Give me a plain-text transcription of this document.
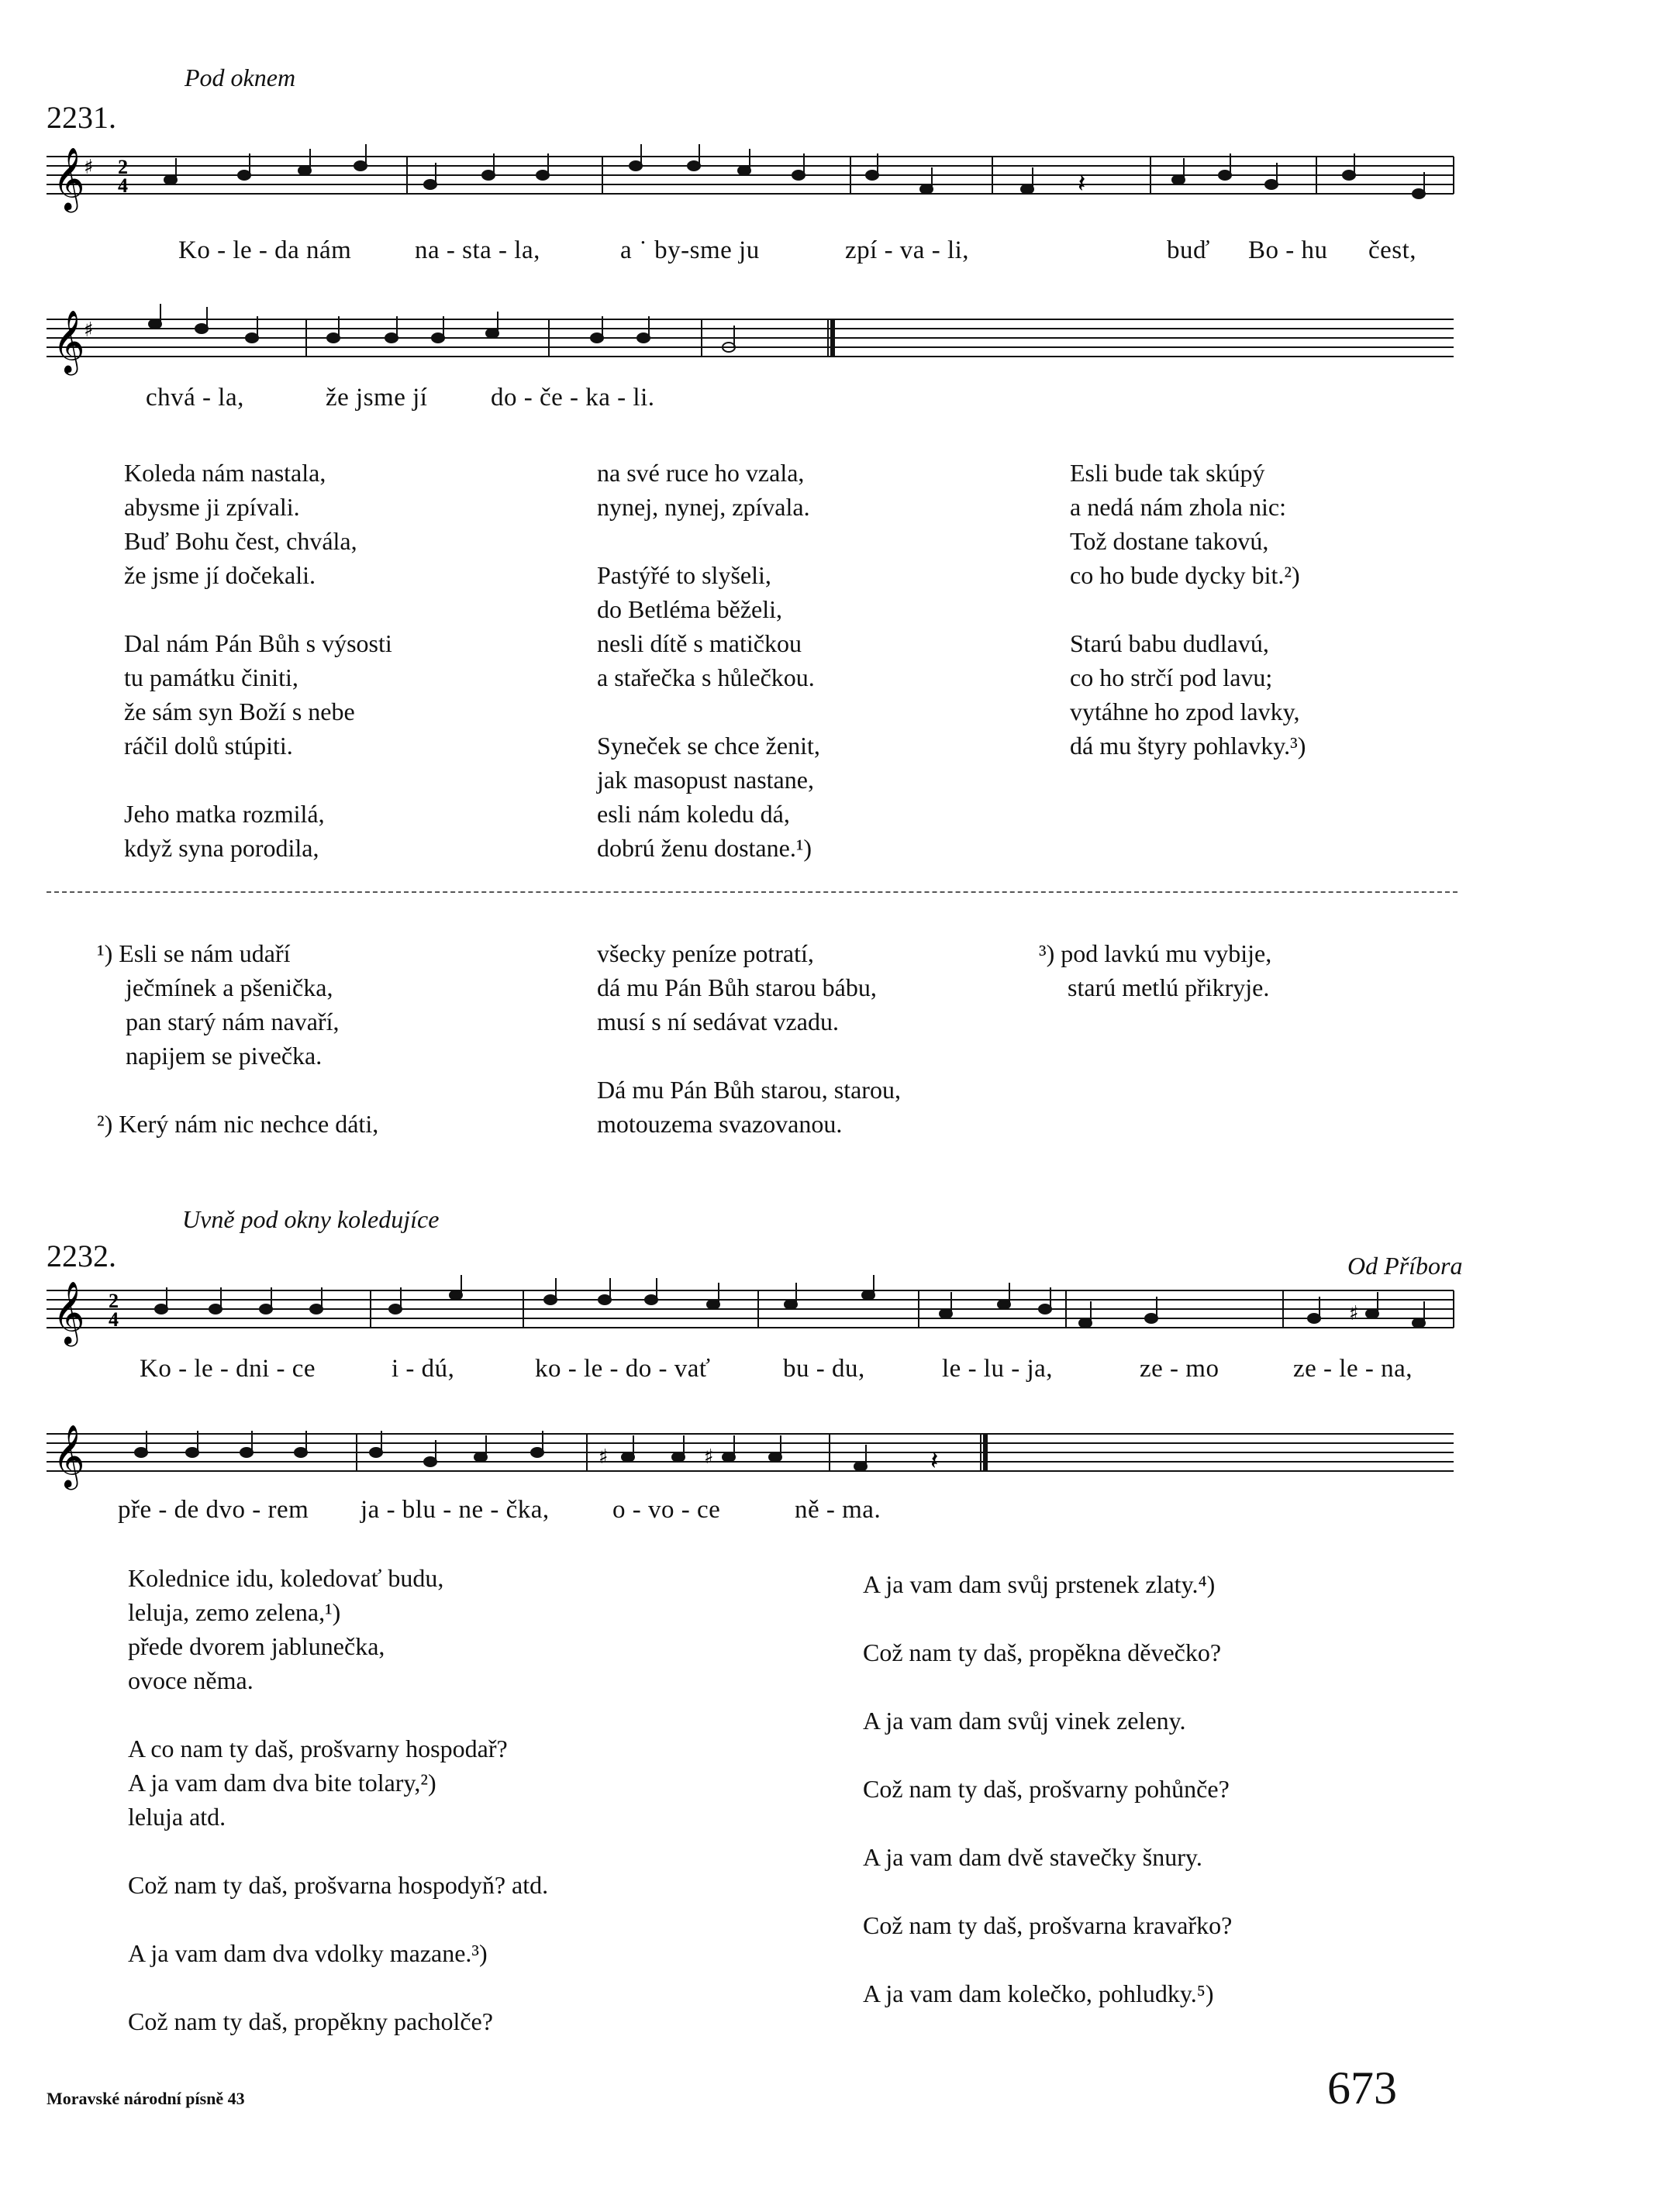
Pod oknem
2231.
𝄞
♯ 2
4	𝄽
Ko - le - da nám na - sta - la,	a ˙ by-sme ju	zpí - va - li,	buď Bo - hu čest,
𝄞
♯
chvá - la,	že jsme jí do - če - ka - li.
Koleda nám nastala,
abysme ji zpívali.
Buď Bohu čest, chvála,
že jsme jí dočekali.

Dal nám Pán Bůh s výsosti
tu památku činiti,
že sám syn Boží s nebe
ráčil dolů stúpiti.

Jeho matka rozmilá,
když syna porodila,
na své ruce ho vzala,
nynej, nynej, zpívala.

Pastýřé to slyšeli,
do Betléma běželi,
nesli dítě s matičkou
a stařečka s hůlečkou.

Syneček se chce ženit,
jak masopust nastane,
esli nám koledu dá,
dobrú ženu dostane.¹)
Esli bude tak skúpý
a nedá nám zhola nic:
Tož dostane takovú,
co ho bude dycky bit.²)

Starú babu dudlavú,
co ho strčí pod lavu;
vytáhne ho zpod lavky,
dá mu štyry pohlavky.³)
¹) Esli se nám udaří
ječmínek a pšenička,
pan starý nám navaří,
napijem se pivečka.

²) Kerý nám nic nechce dáti,
všecky peníze potratí,
dá mu Pán Bůh starou bábu,
musí s ní sedávat vzadu.

Dá mu Pán Bůh starou, starou,
motouzema svazovanou.
³) pod lavkú mu vybije,
starú metlú přikryje.
Uvně pod okny koledujíce
2232.	Od Příbora
𝄞 2
4	♯
Ko - le - dni - ce	i - dú,	ko - le - do - vať	bu - du,	le - lu - ja,	ze - mo	ze - le - na,
𝄞	♯	♯	𝄽
pře - de dvo - rem ja - blu - ne - čka, o - vo - ce	ně - ma.
Kolednice idu, koledovať budu,
leluja, zemo zelena,¹)
přede dvorem jablunečka,
ovoce něma.
A co nam ty daš, prošvarny hospodař?
A ja vam dam dva bite tolary,²)
leluja atd.
Což nam ty daš, prošvarna hospodyň? atd.
A ja vam dam dva vdolky mazane.³)
Což nam ty daš, propěkny pacholče?
A ja vam dam svůj prstenek zlaty.⁴)
Což nam ty daš, propěkna děvečko?
A ja vam dam svůj vinek zeleny.
Což nam ty daš, prošvarny pohůnče?
A ja vam dam dvě stavečky šnury.
Což nam ty daš, prošvarna kravařko?
A ja vam dam kolečko, pohludky.⁵)
Moravské národní písně 43	673
